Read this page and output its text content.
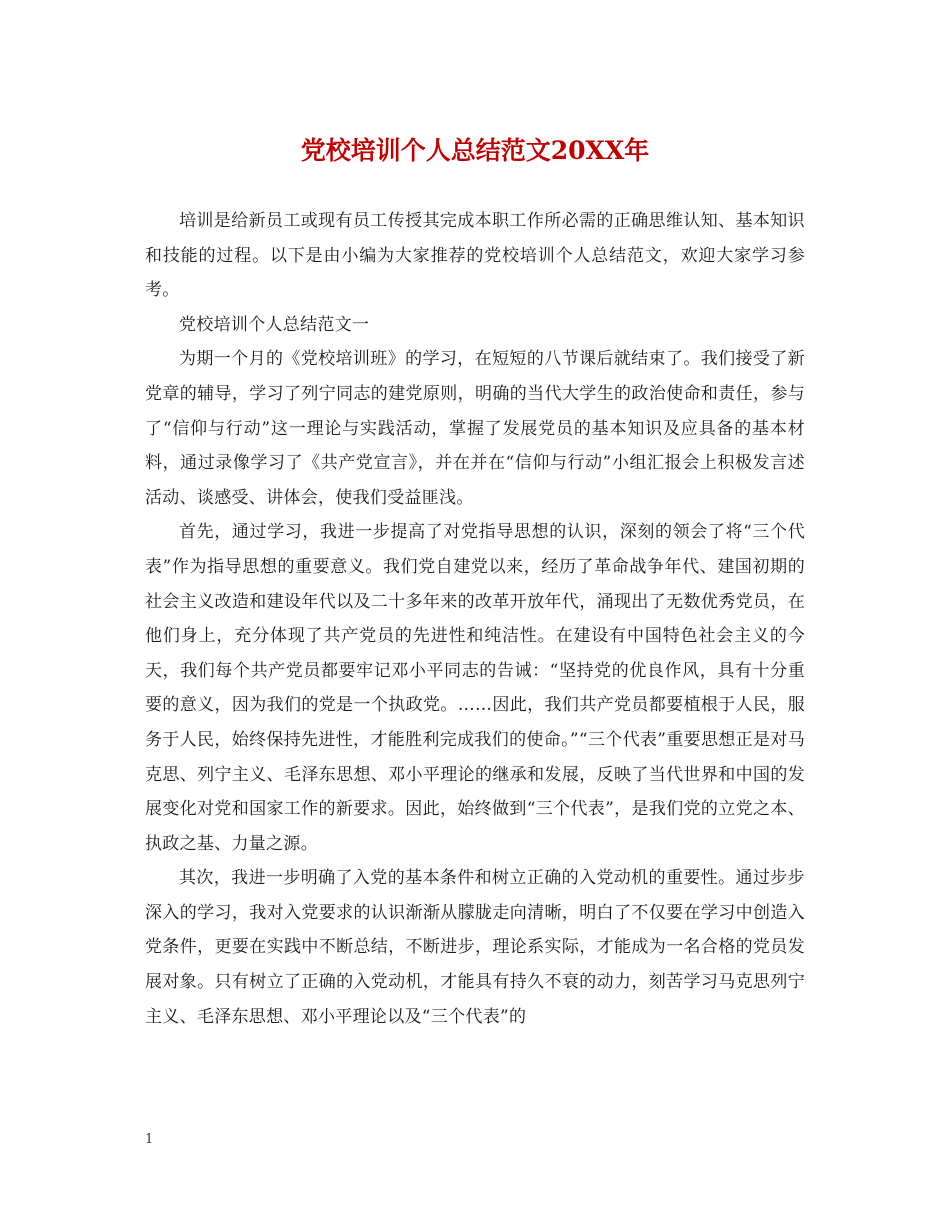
党校培训个人总结范文20XX年

培训是给新员工或现有员工传授其完成本职工作所必需的正确思维认知、基本知识和技能的过程。以下是由小编为大家推荐的党校培训个人总结范文，欢迎大家学习参考。

党校培训个人总结范文一

为期一个月的《党校培训班》的学习，在短短的八节课后就结束了。我们接受了新党章的辅导，学习了列宁同志的建党原则，明确的当代大学生的政治使命和责任，参与了“信仰与行动”这一理论与实践活动，掌握了发展党员的基本知识及应具备的基本材料，通过录像学习了《共产党宣言》，并在并在“信仰与行动”小组汇报会上积极发言述活动、谈感受、讲体会，使我们受益匪浅。

首先，通过学习，我进一步提高了对党指导思想的认识，深刻的领会了将“三个代表”作为指导思想的重要意义。我们党自建党以来，经历了革命战争年代、建国初期的社会主义改造和建设年代以及二十多年来的改革开放年代，涌现出了无数优秀党员，在他们身上，充分体现了共产党员的先进性和纯洁性。在建设有中国特色社会主义的今天，我们每个共产党员都要牢记邓小平同志的告诫：“坚持党的优良作风，具有十分重要的意义，因为我们的党是一个执政党。……因此，我们共产党员都要植根于人民，服务于人民，始终保持先进性，才能胜利完成我们的使命。”“三个代表”重要思想正是对马克思、列宁主义、毛泽东思想、邓小平理论的继承和发展，反映了当代世界和中国的发展变化对党和国家工作的新要求。因此，始终做到“三个代表”，是我们党的立党之本、执政之基、力量之源。

其次，我进一步明确了入党的基本条件和树立正确的入党动机的重要性。通过步步深入的学习，我对入党要求的认识渐渐从朦胧走向清晰，明白了不仅要在学习中创造入党条件，更要在实践中不断总结，不断进步，理论系实际，才能成为一名合格的党员发展对象。只有树立了正确的入党动机，才能具有持久不衰的动力，刻苦学习马克思列宁主义、毛泽东思想、邓小平理论以及“三个代表”的

1
